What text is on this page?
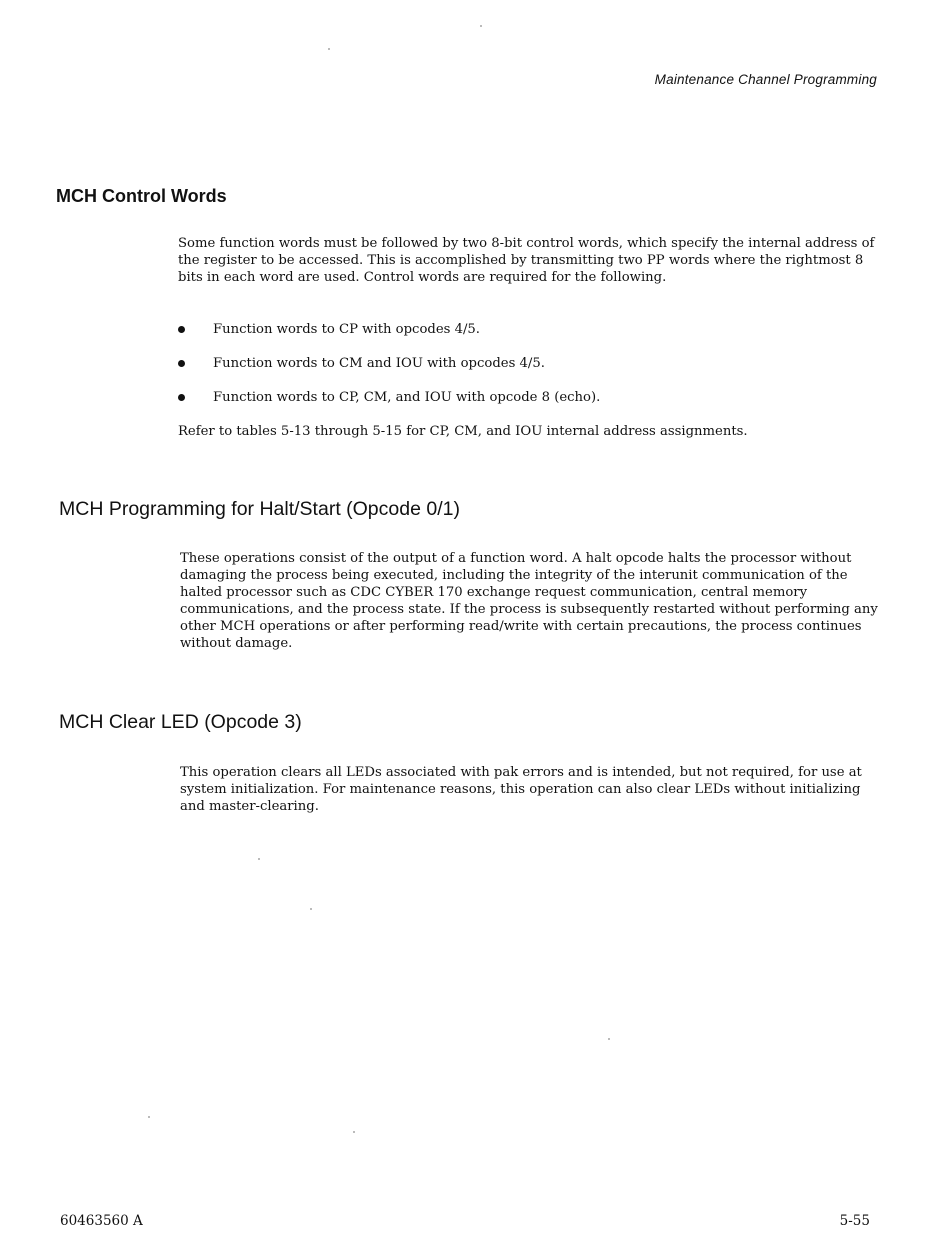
Maintenance Channel Programming
MCH Control Words

Some function words must be followed by two 8-bit control words, which specify the internal address of the register to be accessed. This is accomplished by transmitting two PP words where the rightmost 8 bits in each word are used. Control words are required for the following.

Function words to CP with opcodes 4/5.
Function words to CM and IOU with opcodes 4/5.
Function words to CP, CM, and IOU with opcode 8 (echo).

Refer to tables 5-13 through 5-15 for CP, CM, and IOU internal address assignments.

MCH Programming for Halt/Start (Opcode 0/1)

These operations consist of the output of a function word. A halt opcode halts the processor without damaging the process being executed, including the integrity of the interunit communication of the halted processor such as CDC CYBER 170 exchange request communication, central memory communications, and the process state. If the process is subsequently restarted without performing any other MCH operations or after performing read/write with certain precautions, the process continues without damage.

MCH Clear LED (Opcode 3)

This operation clears all LEDs associated with pak errors and is intended, but not required, for use at system initialization. For maintenance reasons, this operation can also clear LEDs without initializing and master-clearing.

60463560 A	5-55
